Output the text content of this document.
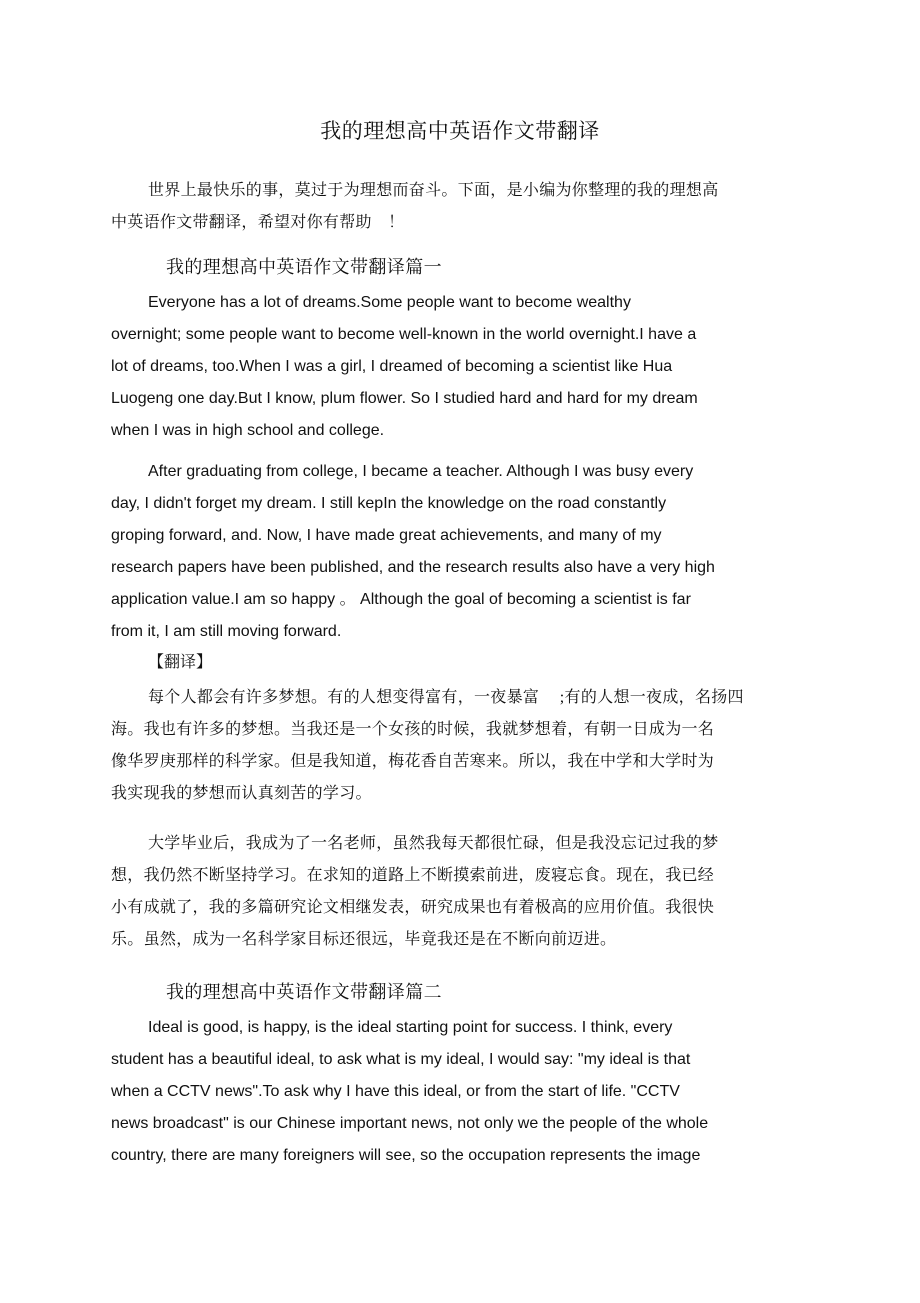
我的理想高中英语作文带翻译
世界上最快乐的事，莫过于为理想而奋斗。下面，是小编为你整理的我的理想高
中英语作文带翻译，希望对你有帮助　！
我的理想高中英语作文带翻译篇一
Everyone has a lot of dreams.Some people want to become wealthy
overnight; some people want to become well-known in the world overnight.I have a
lot of dreams, too.When I was a girl, I dreamed of becoming a scientist like Hua
Luogeng one day.But I know, plum flower. So I studied hard and hard for my dream
when I was in high school and college.
After graduating from college, I became a teacher. Although I was busy every
day, I didn't forget my dream. I still kepIn the knowledge on the road constantly
groping forward, and. Now, I have made great achievements, and many of my
research papers have been published, and the research results also have a very high
application value.I am so happy 。 Although the goal of becoming a scientist is far
from it, I am still moving forward.
【翻译】
每个人都会有许多梦想。有的人想变得富有，一夜暴富　 ;有的人想一夜成，名扬四
海。我也有许多的梦想。当我还是一个女孩的时候，我就梦想着，有朝一日成为一名
像华罗庚那样的科学家。但是我知道，梅花香自苦寒来。所以，我在中学和大学时为
我实现我的梦想而认真刻苦的学习。
大学毕业后，我成为了一名老师，虽然我每天都很忙碌，但是我没忘记过我的梦
想，我仍然不断坚持学习。在求知的道路上不断摸索前进，废寝忘食。现在，我已经
小有成就了，我的多篇研究论文相继发表，研究成果也有着极高的应用价值。我很快
乐。虽然，成为一名科学家目标还很远，毕竟我还是在不断向前迈进。
我的理想高中英语作文带翻译篇二
Ideal is good, is happy, is the ideal starting point for success. I think, every
student has a beautiful ideal, to ask what is my ideal, I would say: "my ideal is that
when a CCTV news".To ask why I have this ideal, or from the start of life. "CCTV
news broadcast" is our Chinese important news, not only we the people of the whole
country, there are many foreigners will see, so the occupation represents the image
